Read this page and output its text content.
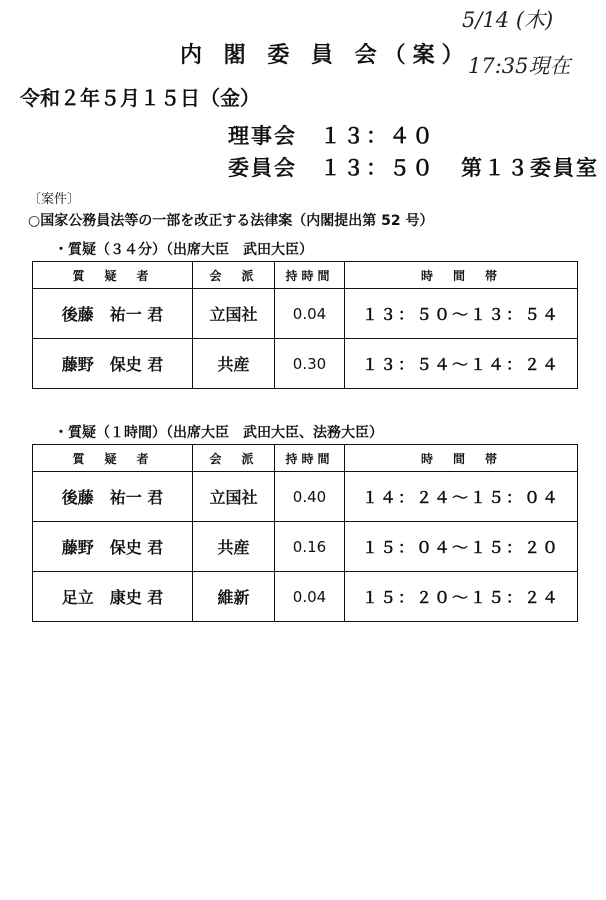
内 閣 委 員 会（案）
5/14 (木)
17:35現在
令和２年５月１５日（金）
理事会　１３：４０
委員会　１３：５０ 第１３委員室
〔案件〕
○国家公務員法等の一部を改正する法律案（内閣提出第 52 号）
・質疑（３４分）（出席大臣　武田大臣）
質　疑　者	会　派	持時間	時　間　帯
後藤　祐一 君	立国社	0.04	１３：５０〜１３：５４
藤野　保史 君	共産	0.30	１３：５４〜１４：２４
・質疑（１時間）（出席大臣　武田大臣、法務大臣）
質　疑　者	会　派	持時間	時　間　帯
後藤　祐一 君	立国社	0.40	１４：２４〜１５：０４
藤野　保史 君	共産	0.16	１５：０４〜１５：２０
足立　康史 君	維新	0.04	１５：２０〜１５：２４
